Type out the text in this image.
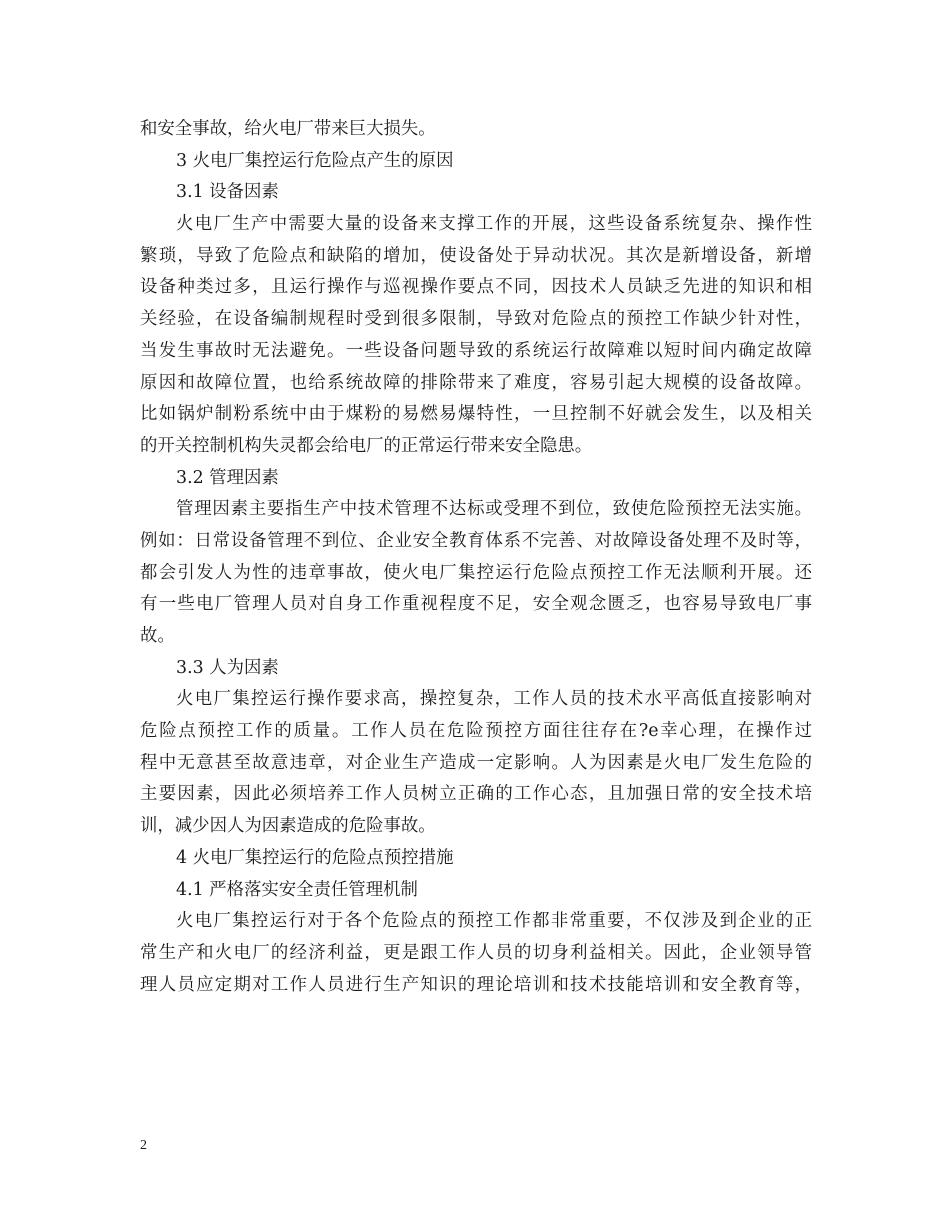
和安全事故，给火电厂带来巨大损失。
3 火电厂集控运行危险点产生的原因
3.1 设备因素
火电厂生产中需要大量的设备来支撑工作的开展，这些设备系统复杂、操作性
繁琐，导致了危险点和缺陷的增加，使设备处于异动状况。其次是新增设备，新增
设备种类过多，且运行操作与巡视操作要点不同，因技术人员缺乏先进的知识和相
关经验，在设备编制规程时受到很多限制，导致对危险点的预控工作缺少针对性，
当发生事故时无法避免。一些设备问题导致的系统运行故障难以短时间内确定故障
原因和故障位置，也给系统故障的排除带来了难度，容易引起大规模的设备故障。
比如锅炉制粉系统中由于煤粉的易燃易爆特性，一旦控制不好就会发生，以及相关
的开关控制机构失灵都会给电厂的正常运行带来安全隐患。
3.2 管理因素
管理因素主要指生产中技术管理不达标或受理不到位，致使危险预控无法实施。
例如：日常设备管理不到位、企业安全教育体系不完善、对故障设备处理不及时等，
都会引发人为性的违章事故，使火电厂集控运行危险点预控工作无法顺利开展。还
有一些电厂管理人员对自身工作重视程度不足，安全观念匮乏，也容易导致电厂事
故。
3.3 人为因素
火电厂集控运行操作要求高，操控复杂，工作人员的技术水平高低直接影响对
危险点预控工作的质量。工作人员在危险预控方面往往存在?e幸心理，在操作过
程中无意甚至故意违章，对企业生产造成一定影响。人为因素是火电厂发生危险的
主要因素，因此必须培养工作人员树立正确的工作心态，且加强日常的安全技术培
训，减少因人为因素造成的危险事故。
4 火电厂集控运行的危险点预控措施
4.1 严格落实安全责任管理机制
火电厂集控运行对于各个危险点的预控工作都非常重要，不仅涉及到企业的正
常生产和火电厂的经济利益，更是跟工作人员的切身利益相关。因此，企业领导管
理人员应定期对工作人员进行生产知识的理论培训和技术技能培训和安全教育等，
2
